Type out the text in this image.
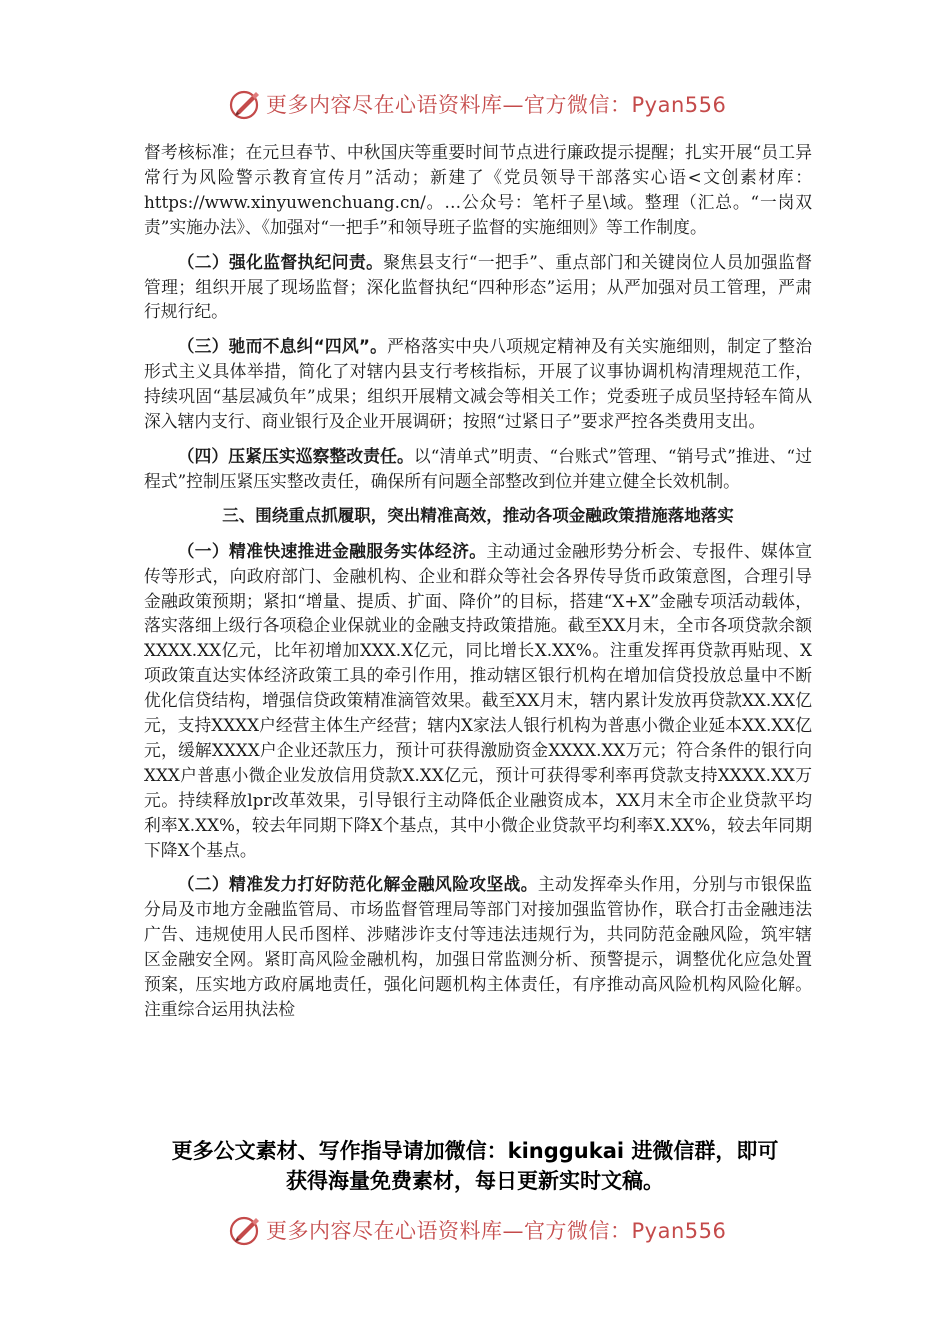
更多内容尽在心语资料库—官方微信：Pyan556

督考核标准；在元旦春节、中秋国庆等重要时间节点进行廉政提示提醒；扎实开展“员工异常行为风险警示教育宣传月”活动；新建了《党员领导干部落实心语<文创素材库：https://www.xinyuwenchuang.cn/。…公众号：笔杆子星\域。整理（汇总。“一岗双责”实施办法》、《加强对“一把手”和领导班子监督的实施细则》等工作制度。

（二）强化监督执纪问责。聚焦县支行“一把手”、重点部门和关键岗位人员加强监督管理；组织开展了现场监督；深化监督执纪“四种形态”运用；从严加强对员工管理，严肃行规行纪。

（三）驰而不息纠“四风”。严格落实中央八项规定精神及有关实施细则，制定了整治形式主义具体举措，简化了对辖内县支行考核指标，开展了议事协调机构清理规范工作，持续巩固“基层减负年”成果；组织开展精文减会等相关工作；党委班子成员坚持轻车简从深入辖内支行、商业银行及企业开展调研；按照“过紧日子”要求严控各类费用支出。

（四）压紧压实巡察整改责任。以“清单式”明责、“台账式”管理、“销号式”推进、“过程式”控制压紧压实整改责任，确保所有问题全部整改到位并建立健全长效机制。

三、围绕重点抓履职，突出精准高效，推动各项金融政策措施落地落实

（一）精准快速推进金融服务实体经济。主动通过金融形势分析会、专报件、媒体宣传等形式，向政府部门、金融机构、企业和群众等社会各界传导货币政策意图，合理引导金融政策预期；紧扣“增量、提质、扩面、降价”的目标，搭建“X+X”金融专项活动载体，落实落细上级行各项稳企业保就业的金融支持政策措施。截至XX月末，全市各项贷款余额XXXX.XX亿元，比年初增加XXX.X亿元，同比增长X.XX%。注重发挥再贷款再贴现、X项政策直达实体经济政策工具的牵引作用，推动辖区银行机构在增加信贷投放总量中不断优化信贷结构，增强信贷政策精准滴管效果。截至XX月末，辖内累计发放再贷款XX.XX亿元，支持XXXX户经营主体生产经营；辖内X家法人银行机构为普惠小微企业延本XX.XX亿元，缓解XXXX户企业还款压力，预计可获得激励资金XXXX.XX万元；符合条件的银行向XXX户普惠小微企业发放信用贷款X.XX亿元，预计可获得零利率再贷款支持XXXX.XX万元。持续释放lpr改革效果，引导银行主动降低企业融资成本，XX月末全市企业贷款平均利率X.XX%，较去年同期下降X个基点，其中小微企业贷款平均利率X.XX%，较去年同期下降X个基点。

（二）精准发力打好防范化解金融风险攻坚战。主动发挥牵头作用，分别与市银保监分局及市地方金融监管局、市场监督管理局等部门对接加强监管协作，联合打击金融违法广告、违规使用人民币图样、涉赌涉诈支付等违法违规行为，共同防范金融风险，筑牢辖区金融安全网。紧盯高风险金融机构，加强日常监测分析、预警提示，调整优化应急处置预案，压实地方政府属地责任，强化问题机构主体责任，有序推动高风险机构风险化解。注重综合运用执法检

更多公文素材、写作指导请加微信：kinggukai 进微信群，即可
获得海量免费素材，每日更新实时文稿。
更多内容尽在心语资料库—官方微信：Pyan556
